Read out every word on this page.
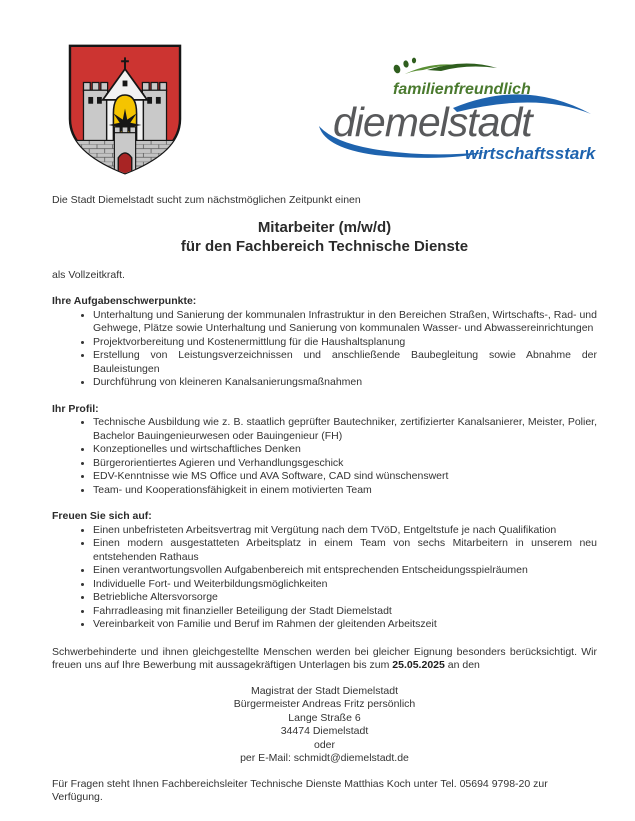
familienfreundlich
diemelstadt
wirtschaftsstark
Die Stadt Diemelstadt sucht zum nächstmöglichen Zeitpunkt einen
Mitarbeiter (m/w/d)
für den Fachbereich Technische Dienste
als Vollzeitkraft.
Ihre Aufgabenschwerpunkte:
• Unterhaltung und Sanierung der kommunalen Infrastruktur in den Bereichen Straßen, Wirtschafts-, Rad- und Gehwege, Plätze sowie Unterhaltung und Sanierung von kommunalen Wasser- und Abwassereinrichtungen
• Projektvorbereitung und Kostenermittlung für die Haushaltsplanung
• Erstellung von Leistungsverzeichnissen und anschließende Baubegleitung sowie Abnahme der Bauleistungen
• Durchführung von kleineren Kanalsanierungsmaßnahmen
Ihr Profil:
• Technische Ausbildung wie z. B. staatlich geprüfter Bautechniker, zertifizierter Kanalsanierer, Meister, Polier, Bachelor Bauingenieurwesen oder Bauingenieur (FH)
• Konzeptionelles und wirtschaftliches Denken
• Bürgerorientiertes Agieren und Verhandlungsgeschick
• EDV-Kenntnisse wie MS Office und AVA Software, CAD sind wünschenswert
• Team- und Kooperationsfähigkeit in einem motivierten Team
Freuen Sie sich auf:
• Einen unbefristeten Arbeitsvertrag mit Vergütung nach dem TVöD, Entgeltstufe je nach Qualifikation
• Einen modern ausgestatteten Arbeitsplatz in einem Team von sechs Mitarbeitern in unserem neu entstehenden Rathaus
• Einen verantwortungsvollen Aufgabenbereich mit entsprechenden Entscheidungsspielräumen
• Individuelle Fort- und Weiterbildungsmöglichkeiten
• Betriebliche Altersvorsorge
• Fahrradleasing mit finanzieller Beteiligung der Stadt Diemelstadt
• Vereinbarkeit von Familie und Beruf im Rahmen der gleitenden Arbeitszeit
Schwerbehinderte und ihnen gleichgestellte Menschen werden bei gleicher Eignung besonders berücksichtigt. Wir freuen uns auf Ihre Bewerbung mit aussagekräftigen Unterlagen bis zum 25.05.2025 an den
Magistrat der Stadt Diemelstadt
Bürgermeister Andreas Fritz persönlich
Lange Straße 6
34474 Diemelstadt
oder
per E-Mail: schmidt@diemelstadt.de
Für Fragen steht Ihnen Fachbereichsleiter Technische Dienste Matthias Koch unter Tel. 05694 9798-20 zur Verfügung.
